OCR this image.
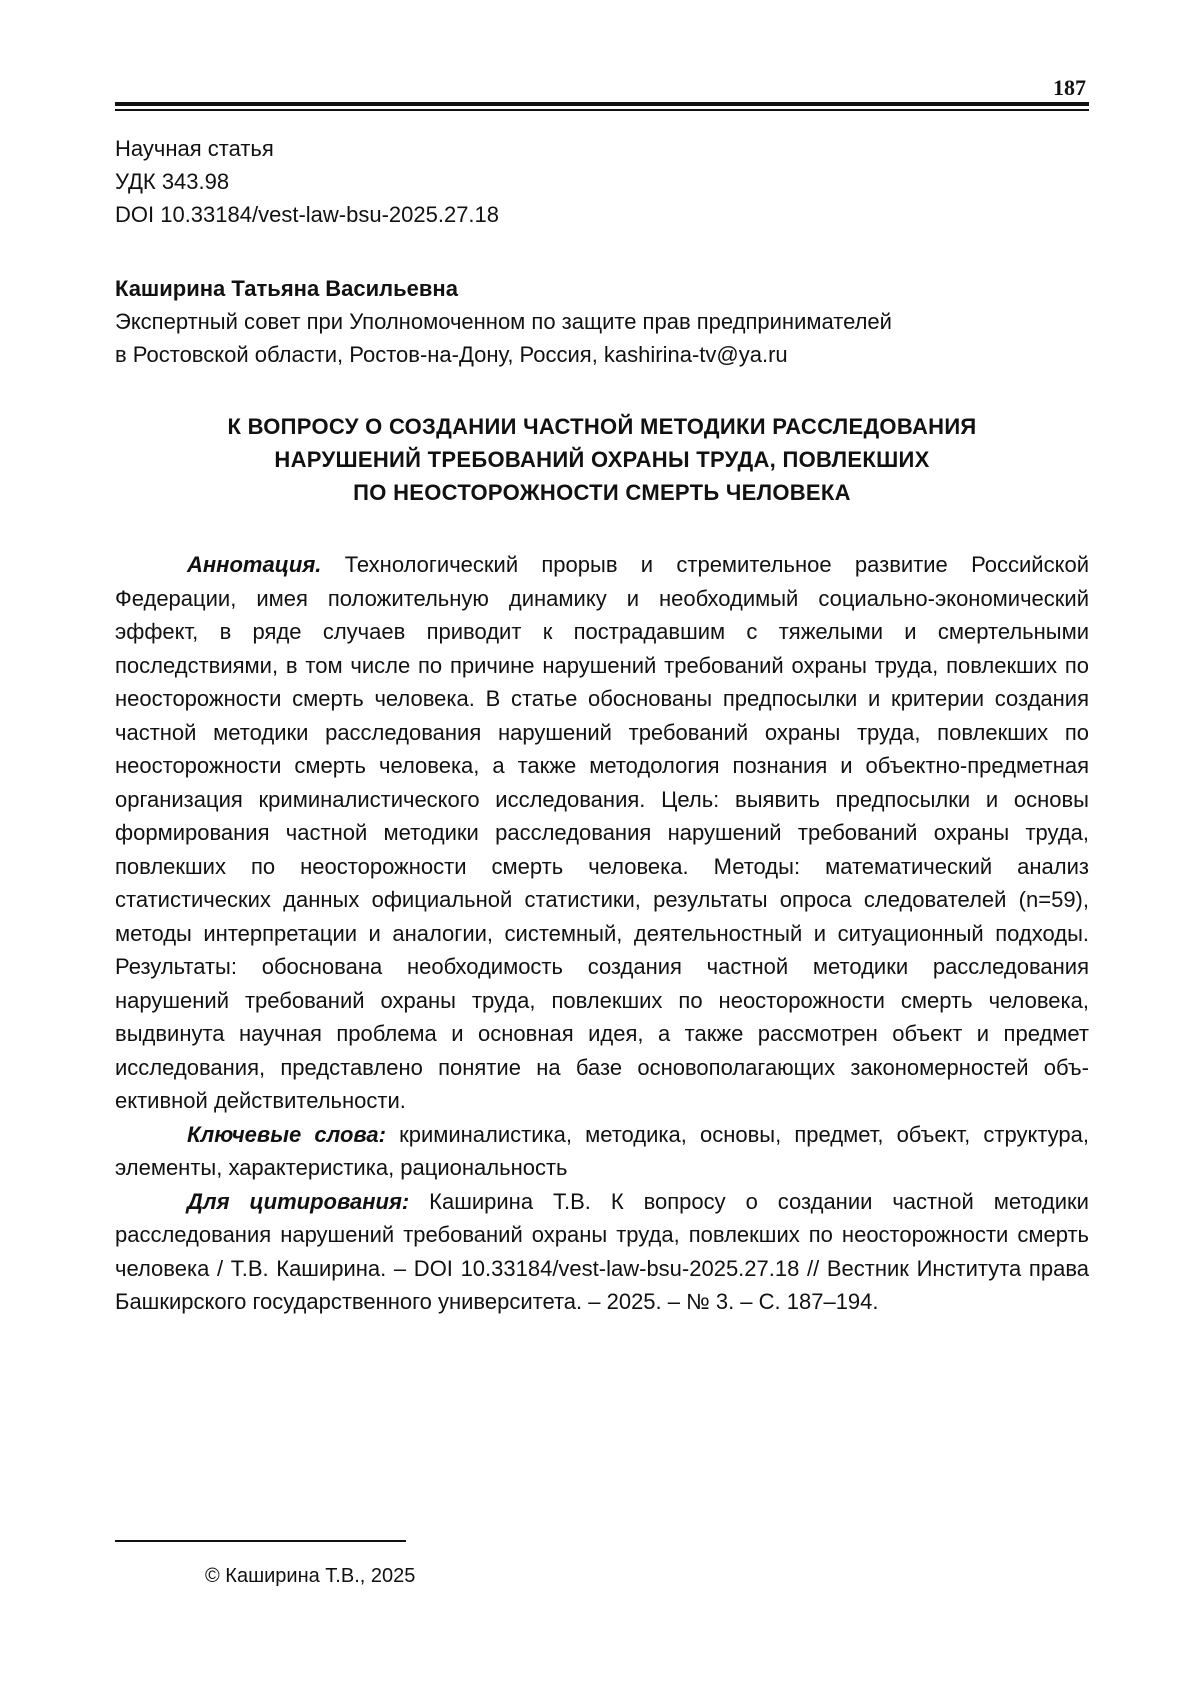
187
Научная статья
УДК 343.98
DOI 10.33184/vest-law-bsu-2025.27.18
Каширина Татьяна Васильевна
Экспертный совет при Уполномоченном по защите прав предпринимателей
в Ростовской области, Ростов-на-Дону, Россия, kashirina-tv@ya.ru
К ВОПРОСУ О СОЗДАНИИ ЧАСТНОЙ МЕТОДИКИ РАССЛЕДОВАНИЯ
НАРУШЕНИЙ ТРЕБОВАНИЙ ОХРАНЫ ТРУДА, ПОВЛЕКШИХ
ПО НЕОСТОРОЖНОСТИ СМЕРТЬ ЧЕЛОВЕКА

Аннотация. Технологический прорыв и стремительное развитие Российской Федерации, имея положительную динамику и необходимый социально-экономический эффект, в ряде случаев приводит к пострадавшим с тяжелыми и смертельными последствиями, в том числе по причине нарушений требований охраны труда, повлекших по неосторожности смерть человека. В статье обоснованы предпосылки и критерии создания частной методики расследования нарушений требований охраны труда, повлекших по неосторожности смерть человека, а также методология познания и объектно-предметная организация криминалистического исследования. Цель: выявить предпосылки и основы формирования частной методики расследования нарушений требований охраны труда, повлекших по неосторожности смерть человека. Методы: математический анализ статистических данных официальной статистики, результаты опроса следователей (n=59), методы интерпретации и аналогии, системный, деятельностный и ситуационный подходы. Результаты: обоснована необходимость создания частной методики расследования нарушений требований охраны труда, повлекших по неосторожности смерть человека, выдвинута научная проблема и основная идея, а также рассмотрен объект и предмет исследования, представлено понятие на базе основополагающих закономерностей объективной действительности.

Ключевые слова: криминалистика, методика, основы, предмет, объект, структура, элементы, характеристика, рациональность

Для цитирования: Каширина Т.В. К вопросу о создании частной методики расследования нарушений требований охраны труда, повлекших по неосторожности смерть человека / Т.В. Каширина. – DOI 10.33184/vest-law-bsu-2025.27.18 // Вестник Института права Башкирского государственного университета. – 2025. – № 3. – С. 187–194.

© Каширина Т.В., 2025
